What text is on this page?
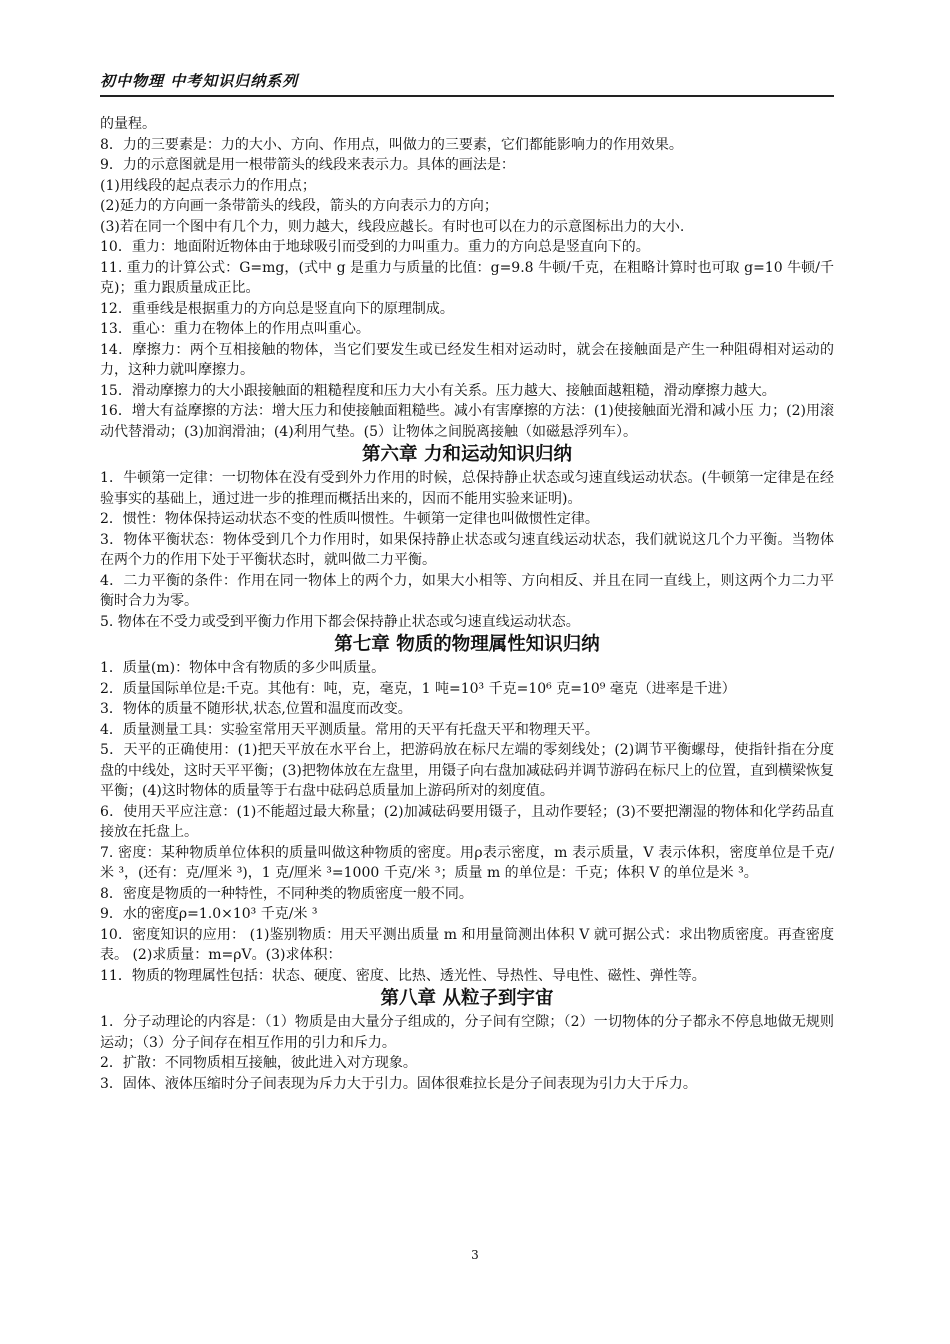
初中物理 中考知识归纳系列

的量程。

8．力的三要素是：力的大小、方向、作用点，叫做力的三要素，它们都能影响力的作用效果。

9．力的示意图就是用一根带箭头的线段来表示力。具体的画法是：

(1)用线段的起点表示力的作用点；

(2)延力的方向画一条带箭头的线段，箭头的方向表示力的方向；

(3)若在同一个图中有几个力，则力越大，线段应越长。有时也可以在力的示意图标出力的大小.

10．重力：地面附近物体由于地球吸引而受到的力叫重力。重力的方向总是竖直向下的。

11. 重力的计算公式：G=mg，(式中 g 是重力与质量的比值：g=9.8 牛顿/千克，在粗略计算时也可取 g=10 牛顿/千克)；重力跟质量成正比。

12．重垂线是根据重力的方向总是竖直向下的原理制成。

13．重心：重力在物体上的作用点叫重心。

14．摩擦力：两个互相接触的物体，当它们要发生或已经发生相对运动时，就会在接触面是产生一种阻碍相对运动的力，这种力就叫摩擦力。

15．滑动摩擦力的大小跟接触面的粗糙程度和压力大小有关系。压力越大、接触面越粗糙，滑动摩擦力越大。

16．增大有益摩擦的方法：增大压力和使接触面粗糙些。减小有害摩擦的方法：(1)使接触面光滑和减小压 力；(2)用滚动代替滑动；(3)加润滑油；(4)利用气垫。(5）让物体之间脱离接触（如磁悬浮列车）。

第六章 力和运动知识归纳

1．牛顿第一定律：一切物体在没有受到外力作用的时候，总保持静止状态或匀速直线运动状态。(牛顿第一定律是在经验事实的基础上，通过进一步的推理而概括出来的，因而不能用实验来证明)。

2．惯性：物体保持运动状态不变的性质叫惯性。牛顿第一定律也叫做惯性定律。

3．物体平衡状态：物体受到几个力作用时，如果保持静止状态或匀速直线运动状态，我们就说这几个力平衡。当物体在两个力的作用下处于平衡状态时，就叫做二力平衡。

4．二力平衡的条件：作用在同一物体上的两个力，如果大小相等、方向相反、并且在同一直线上，则这两个力二力平衡时合力为零。

5. 物体在不受力或受到平衡力作用下都会保持静止状态或匀速直线运动状态。

第七章 物质的物理属性知识归纳

1．质量(m)：物体中含有物质的多少叫质量。

2．质量国际单位是:千克。其他有：吨，克，毫克，1 吨=10³ 千克=10⁶ 克=10⁹ 毫克（进率是千进）

3．物体的质量不随形状,状态,位置和温度而改变。

4．质量测量工具：实验室常用天平测质量。常用的天平有托盘天平和物理天平。

5．天平的正确使用：(1)把天平放在水平台上，把游码放在标尺左端的零刻线处；(2)调节平衡螺母，使指针指在分度盘的中线处，这时天平平衡；(3)把物体放在左盘里，用镊子向右盘加减砝码并调节游码在标尺上的位置，直到横梁恢复平衡；(4)这时物体的质量等于右盘中砝码总质量加上游码所对的刻度值。

6．使用天平应注意：(1)不能超过最大称量；(2)加减砝码要用镊子，且动作要轻；(3)不要把潮湿的物体和化学药品直接放在托盘上。

7. 密度：某种物质单位体积的质量叫做这种物质的密度。用ρ表示密度，m 表示质量，V 表示体积，密度单位是千克/米 ³，(还有：克/厘米 ³)，1 克/厘米 ³=1000 千克/米 ³；质量 m 的单位是：千克；体积 V 的单位是米 ³。

8．密度是物质的一种特性，不同种类的物质密度一般不同。

9．水的密度ρ=1.0×10³ 千克/米 ³

10．密度知识的应用： (1)鉴别物质：用天平测出质量 m 和用量筒测出体积 V 就可据公式：求出物质密度。再查密度表。 (2)求质量：m=ρV。(3)求体积：

11．物质的物理属性包括：状态、硬度、密度、比热、透光性、导热性、导电性、磁性、弹性等。

第八章 从粒子到宇宙

1．分子动理论的内容是：（1）物质是由大量分子组成的，分子间有空隙；（2）一切物体的分子都永不停息地做无规则运动；（3）分子间存在相互作用的引力和斥力。

2．扩散：不同物质相互接触，彼此进入对方现象。

3．固体、液体压缩时分子间表现为斥力大于引力。固体很难拉长是分子间表现为引力大于斥力。

3
